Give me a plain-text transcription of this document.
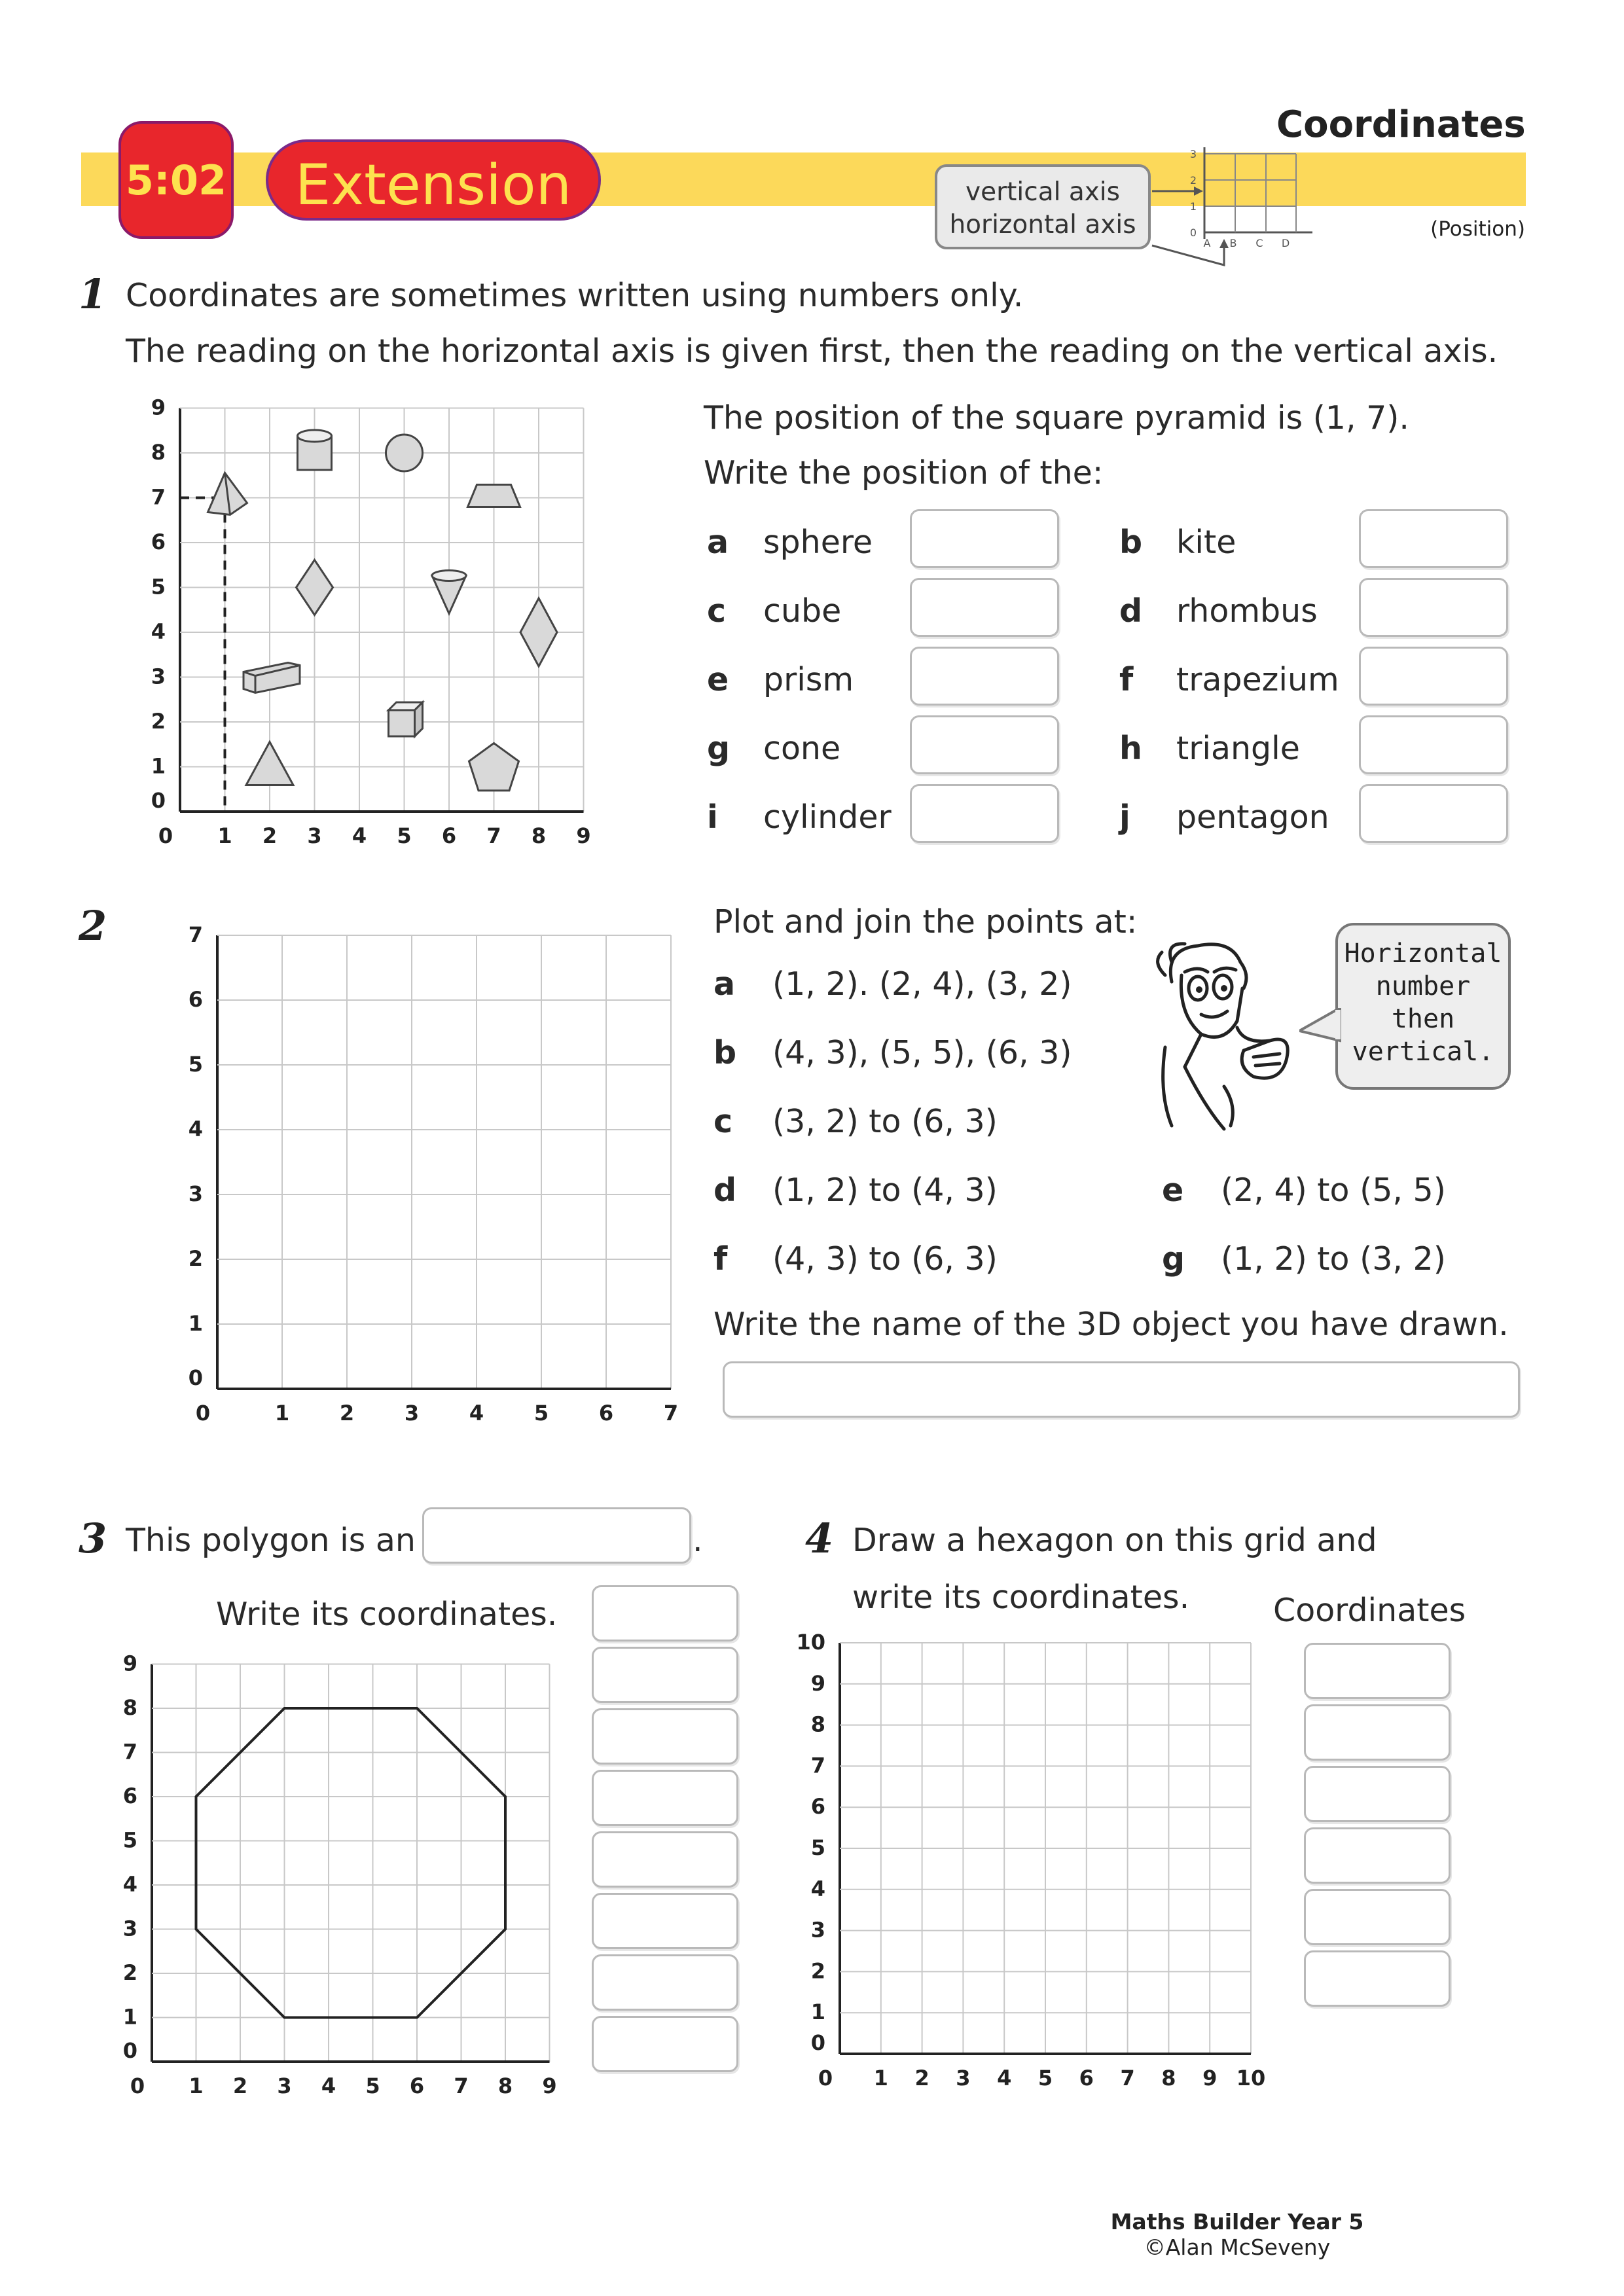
Coordinates
(Position)
5:02	Extension	vertical axis
horizontal axis	0
1
2
3
A B C D
1 Coordinates are sometimes written using numbers only.
The reading on the horizontal axis is given first, then the reading on the vertical axis.
0 1 2 3 4 5 6 7 8 9
0
1
2
3
4
5
6
7
8
9	The position of the square pyramid is (1, 7).
Write the position of the:
a sphere	b kite
c cube	d rhombus
e prism	f trapezium
g cone	h triangle
i cylinder	j pentagon
2
0	1 2 3 4 5 6 7
0
1
2
3
4
5
6
7	Plot and join the points at:
a (1, 2). (2, 4), (3, 2)
b (4, 3), (5, 5), (6, 3)
c (3, 2) to (6, 3)
d (1, 2) to (4, 3)	e (2, 4) to (5, 5)
f (4, 3) to (6, 3)	g (1, 2) to (3, 2)
Horizontal
number
then
vertical.
Write the name of the 3D object you have drawn.
3 This polygon is an	.
Write its coordinates.
0 1 2 3 4 5 6 7 8 9
0
1
2
3
4
5
6
7
8
9
4 Draw a hexagon on this grid and
write its coordinates.	Coordinates
0 1 2 3 4 5 6 7 8 9 10
0
1
2
3
4
5
6
7
8
9
10
Maths Builder Year 5
©Alan McSeveny
